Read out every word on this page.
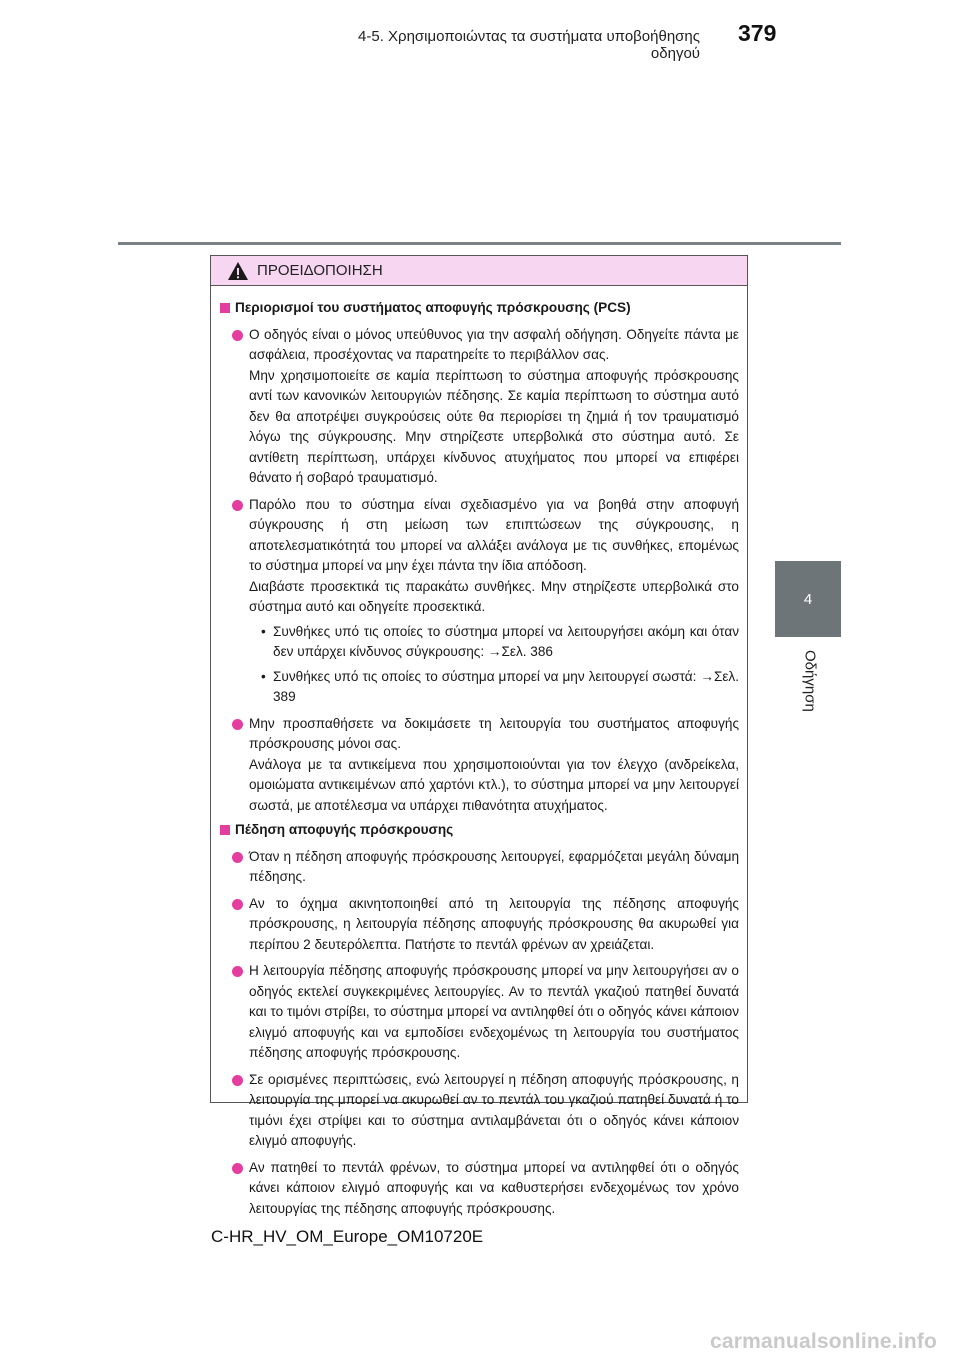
4-5. Χρησιμοποιώντας τα συστήματα υποβοήθησης οδηγού
379
4
Οδήγηση
ΠΡΟΕΙΔΟΠΟΙΗΣΗ
Περιορισμοί του συστήματος αποφυγής πρόσκρουσης (PCS)

Ο οδηγός είναι ο μόνος υπεύθυνος για την ασφαλή οδήγηση. Οδηγείτε πάντα με ασφάλεια, προσέχοντας να παρατηρείτε το περιβάλλον σας.

Μην χρησιμοποιείτε σε καμία περίπτωση το σύστημα αποφυγής πρόσκρουσης αντί των κανονικών λειτουργιών πέδησης. Σε καμία περίπτωση το σύστημα αυτό δεν θα αποτρέψει συγκρούσεις ούτε θα περιορίσει τη ζημιά ή τον τραυματισμό λόγω της σύγκρουσης. Μην στηρίζεστε υπερβολικά στο σύστημα αυτό. Σε αντίθετη περίπτωση, υπάρχει κίνδυνος ατυχήματος που μπορεί να επιφέρει θάνατο ή σοβαρό τραυματισμό.

Παρόλο που το σύστημα είναι σχεδιασμένο για να βοηθά στην αποφυγή σύγκρουσης ή στη μείωση των επιπτώσεων της σύγκρουσης, η αποτελεσματικότητά του μπορεί να αλλάξει ανάλογα με τις συνθήκες, επομένως το σύστημα μπορεί να μην έχει πάντα την ίδια απόδοση.

Διαβάστε προσεκτικά τις παρακάτω συνθήκες. Μην στηρίζεστε υπερβολικά στο σύστημα αυτό και οδηγείτε προσεκτικά.

• Συνθήκες υπό τις οποίες το σύστημα μπορεί να λειτουργήσει ακόμη και όταν δεν υπάρχει κίνδυνος σύγκρουσης: →Σελ. 386
• Συνθήκες υπό τις οποίες το σύστημα μπορεί να μην λειτουργεί σωστά: →Σελ. 389

Μην προσπαθήσετε να δοκιμάσετε τη λειτουργία του συστήματος αποφυγής πρόσκρουσης μόνοι σας.

Ανάλογα με τα αντικείμενα που χρησιμοποιούνται για τον έλεγχο (ανδρείκελα, ομοιώματα αντικειμένων από χαρτόνι κτλ.), το σύστημα μπορεί να μην λειτουργεί σωστά, με αποτέλεσμα να υπάρχει πιθανότητα ατυχήματος.

Πέδηση αποφυγής πρόσκρουσης

Όταν η πέδηση αποφυγής πρόσκρουσης λειτουργεί, εφαρμόζεται μεγάλη δύναμη πέδησης.

Αν το όχημα ακινητοποιηθεί από τη λειτουργία της πέδησης αποφυγής πρόσκρουσης, η λειτουργία πέδησης αποφυγής πρόσκρουσης θα ακυρωθεί για περίπου 2 δευτερόλεπτα. Πατήστε το πεντάλ φρένων αν χρειάζεται.

Η λειτουργία πέδησης αποφυγής πρόσκρουσης μπορεί να μην λειτουργήσει αν ο οδηγός εκτελεί συγκεκριμένες λειτουργίες. Αν το πεντάλ γκαζιού πατηθεί δυνατά και το τιμόνι στρίβει, το σύστημα μπορεί να αντιληφθεί ότι ο οδηγός κάνει κάποιον ελιγμό αποφυγής και να εμποδίσει ενδεχομένως τη λειτουργία του συστήματος πέδησης αποφυγής πρόσκρουσης.

Σε ορισμένες περιπτώσεις, ενώ λειτουργεί η πέδηση αποφυγής πρόσκρουσης, η λειτουργία της μπορεί να ακυρωθεί αν το πεντάλ του γκαζιού πατηθεί δυνατά ή το τιμόνι έχει στρίψει και το σύστημα αντιλαμβάνεται ότι ο οδηγός κάνει κάποιον ελιγμό αποφυγής.

Αν πατηθεί το πεντάλ φρένων, το σύστημα μπορεί να αντιληφθεί ότι ο οδηγός κάνει κάποιον ελιγμό αποφυγής και να καθυστερήσει ενδεχομένως τον χρόνο λειτουργίας της πέδησης αποφυγής πρόσκρουσης.

C-HR_HV_OM_Europe_OM10720E
carmanualsonline.info
